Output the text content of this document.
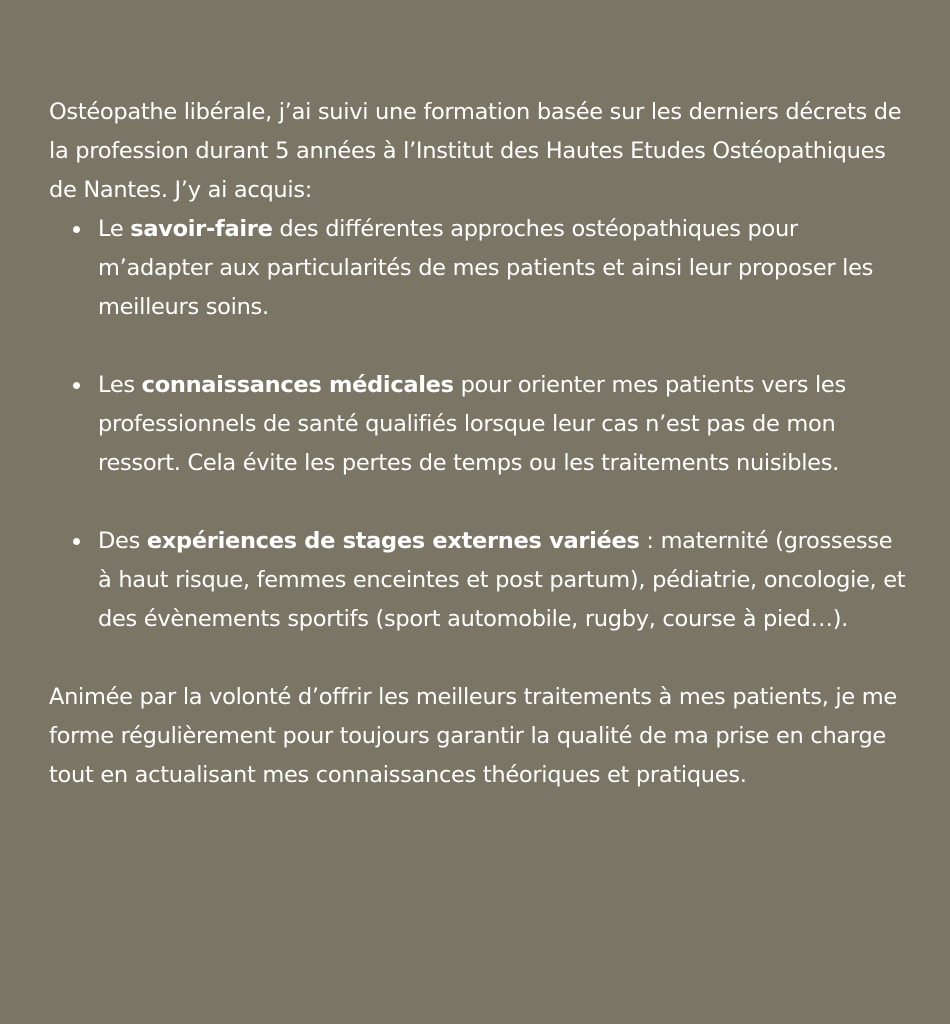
Ostéopathe libérale, j’ai suivi une formation basée sur les derniers décrets de la profession durant 5 années à l’Institut des Hautes Etudes Ostéopathiques de Nantes. J’y ai acquis:

Le savoir-faire des différentes approches ostéopathiques pour m’adapter aux particularités de mes patients et ainsi leur proposer les meilleurs soins.
Les connaissances médicales pour orienter mes patients vers les professionnels de santé qualifiés lorsque leur cas n’est pas de mon ressort. Cela évite les pertes de temps ou les traitements nuisibles.
Des expériences de stages externes variées : maternité (grossesse à haut risque, femmes enceintes et post partum), pédiatrie, oncologie, et des évènements sportifs (sport automobile, rugby, course à pied…).

Animée par la volonté d’offrir les meilleurs traitements à mes patients, je me forme régulièrement pour toujours garantir la qualité de ma prise en charge tout en actualisant mes connaissances théoriques et pratiques.
